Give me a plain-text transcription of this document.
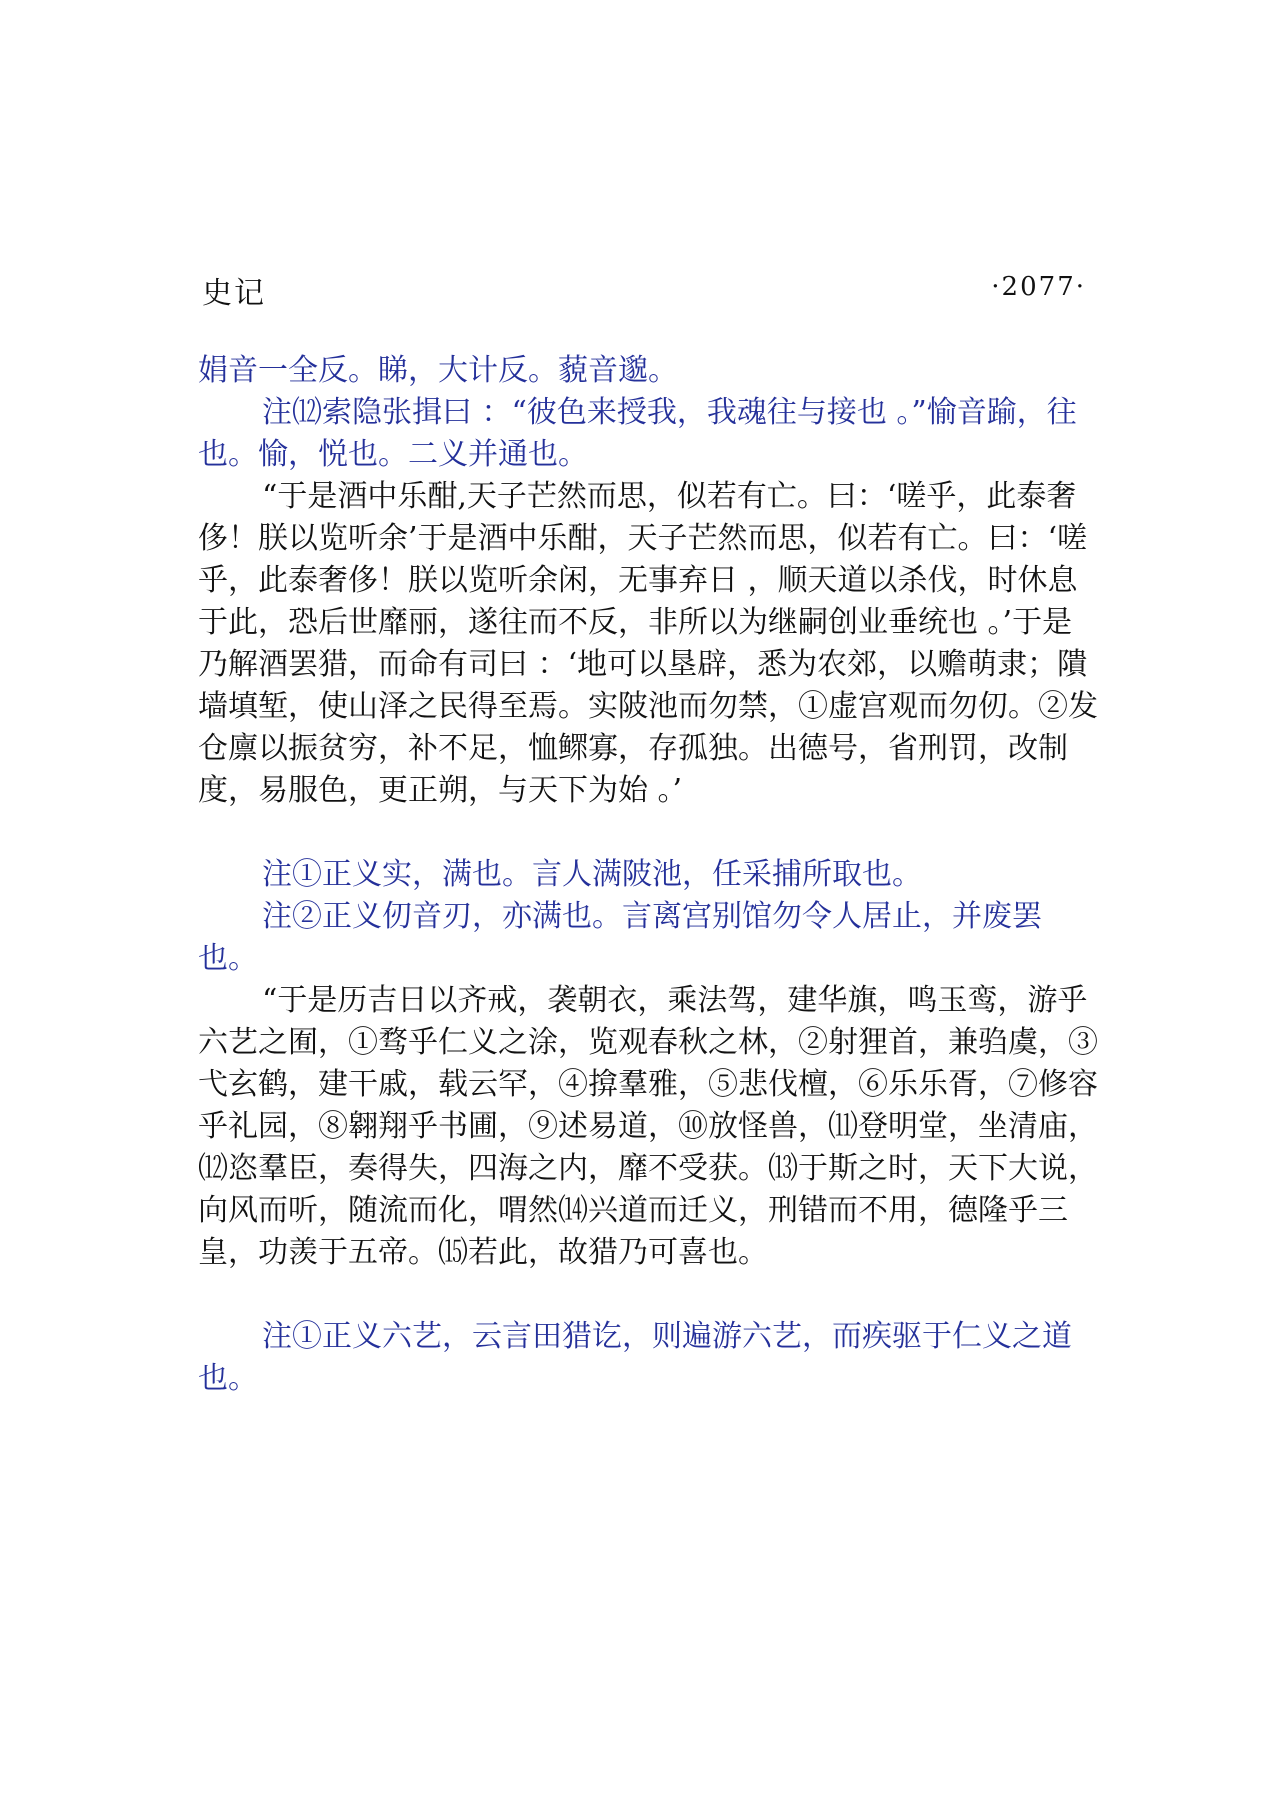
史记	·2077·
娟音一全反。睇，大计反。藐音邈。
注⑿索隐张揖曰 ：“彼色来授我，我魂往与接也 。”愉音踰，往也。愉，悦也。二义并通也。
“于是酒中乐酣,天子芒然而思，似若有亡。曰：‘嗟乎，此泰奢侈！朕以览听余’于是酒中乐酣，天子芒然而思，似若有亡。曰：‘嗟乎，此泰奢侈！朕以览听余闲，无事弃日 ，顺天道以杀伐，时休息于此，恐后世靡丽，遂往而不反，非所以为继嗣创业垂统也 。’于是乃解酒罢猎，而命有司曰 ：‘地可以垦辟，悉为农郊，以赡萌隶；隤墙填堑，使山泽之民得至焉。实陂池而勿禁，①虚宫观而勿仞。②发仓廪以振贫穷，补不足，恤鳏寡，存孤独。出德号，省刑罚，改制度，易服色，更正朔，与天下为始 。’
注①正义实，满也。言人满陂池，任采捕所取也。
注②正义仞音刃，亦满也。言离宫别馆勿令人居止，并废罢也。
“于是历吉日以齐戒，袭朝衣，乘法驾，建华旗，鸣玉鸾，游乎六艺之囿，①骛乎仁义之涂，览观春秋之林，②射狸首，兼驺虞，③弋玄鹤，建干戚，载云罕，④揜羣雅，⑤悲伐檀，⑥乐乐胥，⑦修容乎礼园，⑧翱翔乎书圃，⑨述易道，⑩放怪兽，⑾登明堂，坐清庙，⑿恣羣臣，奏得失，四海之内，靡不受获。⒀于斯之时，天下大说，向风而听，随流而化，喟然⒁兴道而迁义，刑错而不用，德隆乎三皇，功羡于五帝。⒂若此，故猎乃可喜也。
注①正义六艺，云言田猎讫，则遍游六艺，而疾驱于仁义之道也。
